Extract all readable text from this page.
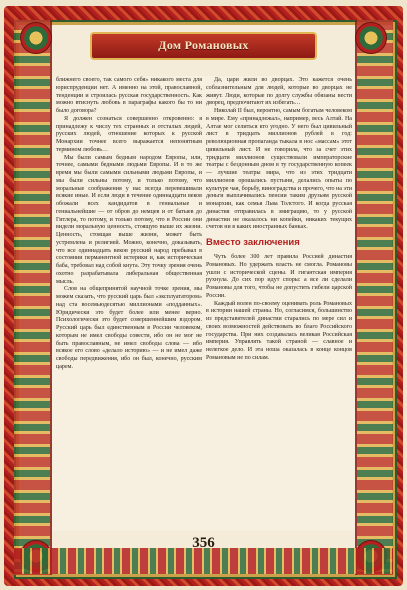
Дом Романовых

ближнего своего, так самого себя» никакого места для юриспруденции нет. А именно на этой, православной, тенденции и строилась русская государственность. Как можно втиснуть любовь в параграфы какого бы то ни было договора?

Я должен сознаться совершенно откровенно: я принадлежу к числу тех странных и отсталых людей, русских людей, отношение которых к русской Монархии точнее всего выражается непонятным термином любовь…

Мы были самым бедным народом Европы, или, точнее, самыми бедными людьми Европы. И в то же время мы были самыми сильными людьми Европы, и мы были сильны потому, и только потому, что моральные соображения у нас всегда перевешивали всякие иные. И если люди в течение одиннадцати веков обожали всех кандидатов в гениальные и гениальнейшие — от обров до немцев и от батыев до Гитлера, то потому, и только потому, что в России они видели моральную ценность, стоящую выше их жизни. Ценность, стоящая выше жизни, может быть устремлена и религией. Можно, конечно, доказывать, что все одиннадцать веков русский народ пребывал в состоянии перманентной истерики и, как историческая баба, требовал над собой кнута. Эту точку зрения очень охотно разрабатывала либеральная общественная мысль.

Слов на общепринятой научной точке зрения, мы можем сказать, что русский царь был «эксплуататором» над ста восемьюдесятью миллионами «подданных». Юридически это будет более или менее верно. Психологически это будет совершеннейшим вздором. Русский царь был единственным в России человеком, которым не имел свободы совести, ибо он не мог не быть православным, не имел свободы слова — ибо всякое его слово «делало историю» — и не имел даже свободы передвижения, ибо он был, конечно, русским царем.

Да, цари жили во дворцах. Это кажется очень соблазнительным для людей, которые во дворцах не живут. Люди, которые по долгу службы обязаны вести дворец, предпочитают их избегать…

Николай II был, вероятно, самым богатым человеком в мире. Ему «принадлежал», например, весь Алтай. На Алтае мог селиться кто угодно. У него был цивильный лист в тридцать миллионов рублей в год: революционная пропаганда тыкала в нос «массам» этот цивильный лист. И не говорила, что за счет этих тридцати миллионов существовали императорские театры с бездонным дном в ту государственную копеек — лучшие театры мира, что из этих тридцати миллионов орошались пустыни, делались опыты по культуре чая, борьбу, виноградства и прочего, что на эти деньги выплачивались пенсии таким друзьям русской монархии, как семья Льва Толстого. И когда русская династия отправилась в эмиграцию, то у русской династии не оказалось ни копейки, никаких текущих счетов ни в каких иностранных банках.

Вместо заключения

Чуть более 300 лет правила Россией династия Романовых. Но удержать власть не смогла. Романовы ушли с исторической сцены. И гигантская империя рухнула. До сих пор идут споры: а все ли сделали Романовы для того, чтобы не допустить гибели царской России.

Каждый волен по-своему оценивать роль Романовых в истории нашей страны. Но, согласимся, большинство из представителей династии старались по мере сил и своих возможностей действовать во благо Российского государства. При них создавалась великая Российская империя. Управлять такой страной — славное и нелегкое дело. И эта ноша оказалась в конце концов Романовым не по силам.

356
